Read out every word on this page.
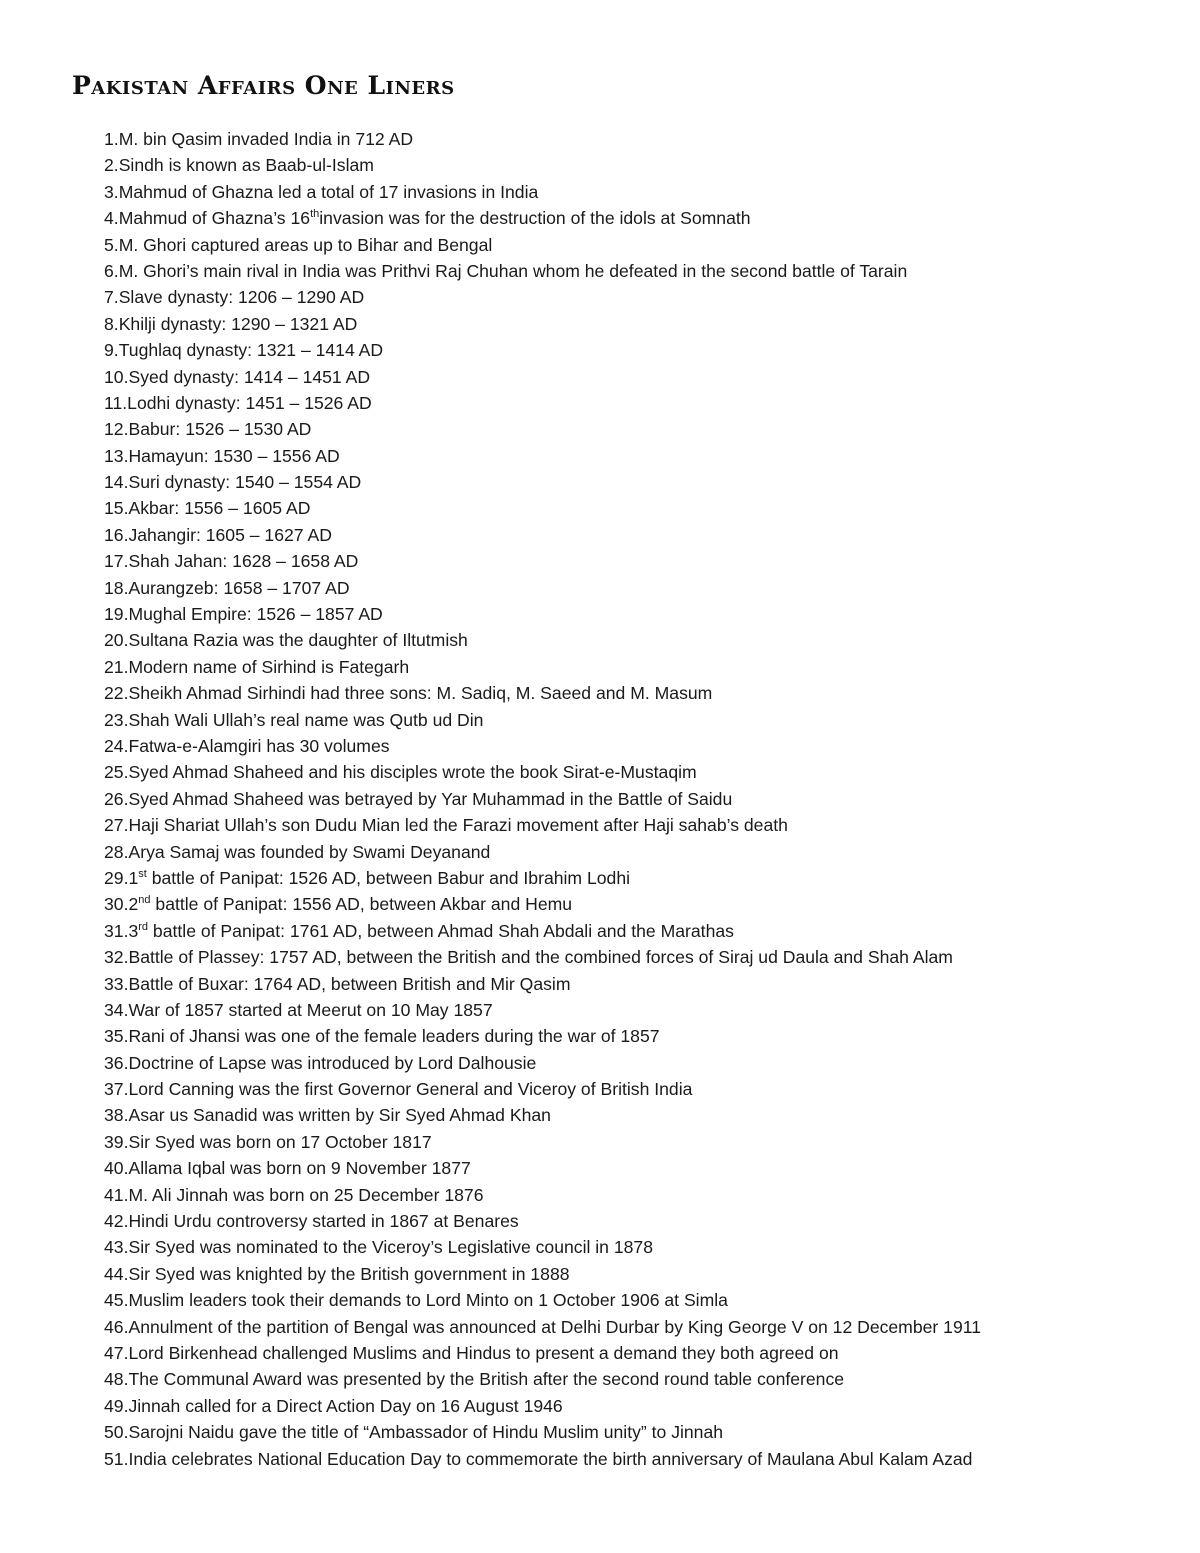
Pakistan Affairs One Liners
1.M. bin Qasim invaded India in 712 AD
2.Sindh is known as Baab-ul-Islam
3.Mahmud of Ghazna led a total of 17 invasions in India
4.Mahmud of Ghazna’s 16thinvasion was for the destruction of the idols at Somnath
5.M. Ghori captured areas up to Bihar and Bengal
6.M. Ghori’s main rival in India was Prithvi Raj Chuhan whom he defeated in the second battle of Tarain
7.Slave dynasty: 1206 – 1290 AD
8.Khilji dynasty: 1290 – 1321 AD
9.Tughlaq dynasty: 1321 – 1414 AD
10.Syed dynasty: 1414 – 1451 AD
11.Lodhi dynasty: 1451 – 1526 AD
12.Babur: 1526 – 1530 AD
13.Hamayun: 1530 – 1556 AD
14.Suri dynasty: 1540 – 1554 AD
15.Akbar: 1556 – 1605 AD
16.Jahangir: 1605 – 1627 AD
17.Shah Jahan: 1628 – 1658 AD
18.Aurangzeb: 1658 – 1707 AD
19.Mughal Empire: 1526 – 1857 AD
20.Sultana Razia was the daughter of Iltutmish
21.Modern name of Sirhind is Fategarh
22.Sheikh Ahmad Sirhindi had three sons: M. Sadiq, M. Saeed and M. Masum
23.Shah Wali Ullah’s real name was Qutb ud Din
24.Fatwa-e-Alamgiri has 30 volumes
25.Syed Ahmad Shaheed and his disciples wrote the book Sirat-e-Mustaqim
26.Syed Ahmad Shaheed was betrayed by Yar Muhammad in the Battle of Saidu
27.Haji Shariat Ullah’s son Dudu Mian led the Farazi movement after Haji sahab’s death
28.Arya Samaj was founded by Swami Deyanand
29.1st battle of Panipat: 1526 AD, between Babur and Ibrahim Lodhi
30.2nd battle of Panipat: 1556 AD, between Akbar and Hemu
31.3rd battle of Panipat: 1761 AD, between Ahmad Shah Abdali and the Marathas
32.Battle of Plassey: 1757 AD, between the British and the combined forces of Siraj ud Daula and Shah Alam
33.Battle of Buxar: 1764 AD, between British and Mir Qasim
34.War of 1857 started at Meerut on 10 May 1857
35.Rani of Jhansi was one of the female leaders during the war of 1857
36.Doctrine of Lapse was introduced by Lord Dalhousie
37.Lord Canning was the first Governor General and Viceroy of British India
38.Asar us Sanadid was written by Sir Syed Ahmad Khan
39.Sir Syed was born on 17 October 1817
40.Allama Iqbal was born on 9 November 1877
41.M. Ali Jinnah was born on 25 December 1876
42.Hindi Urdu controversy started in 1867 at Benares
43.Sir Syed was nominated to the Viceroy’s Legislative council in 1878
44.Sir Syed was knighted by the British government in 1888
45.Muslim leaders took their demands to Lord Minto on 1 October 1906 at Simla
46.Annulment of the partition of Bengal was announced at Delhi Durbar by King George V on 12 December 1911
47.Lord Birkenhead challenged Muslims and Hindus to present a demand they both agreed on
48.The Communal Award was presented by the British after the second round table conference
49.Jinnah called for a Direct Action Day on 16 August 1946
50.Sarojni Naidu gave the title of “Ambassador of Hindu Muslim unity” to Jinnah
51.India celebrates National Education Day to commemorate the birth anniversary of Maulana Abul Kalam Azad
